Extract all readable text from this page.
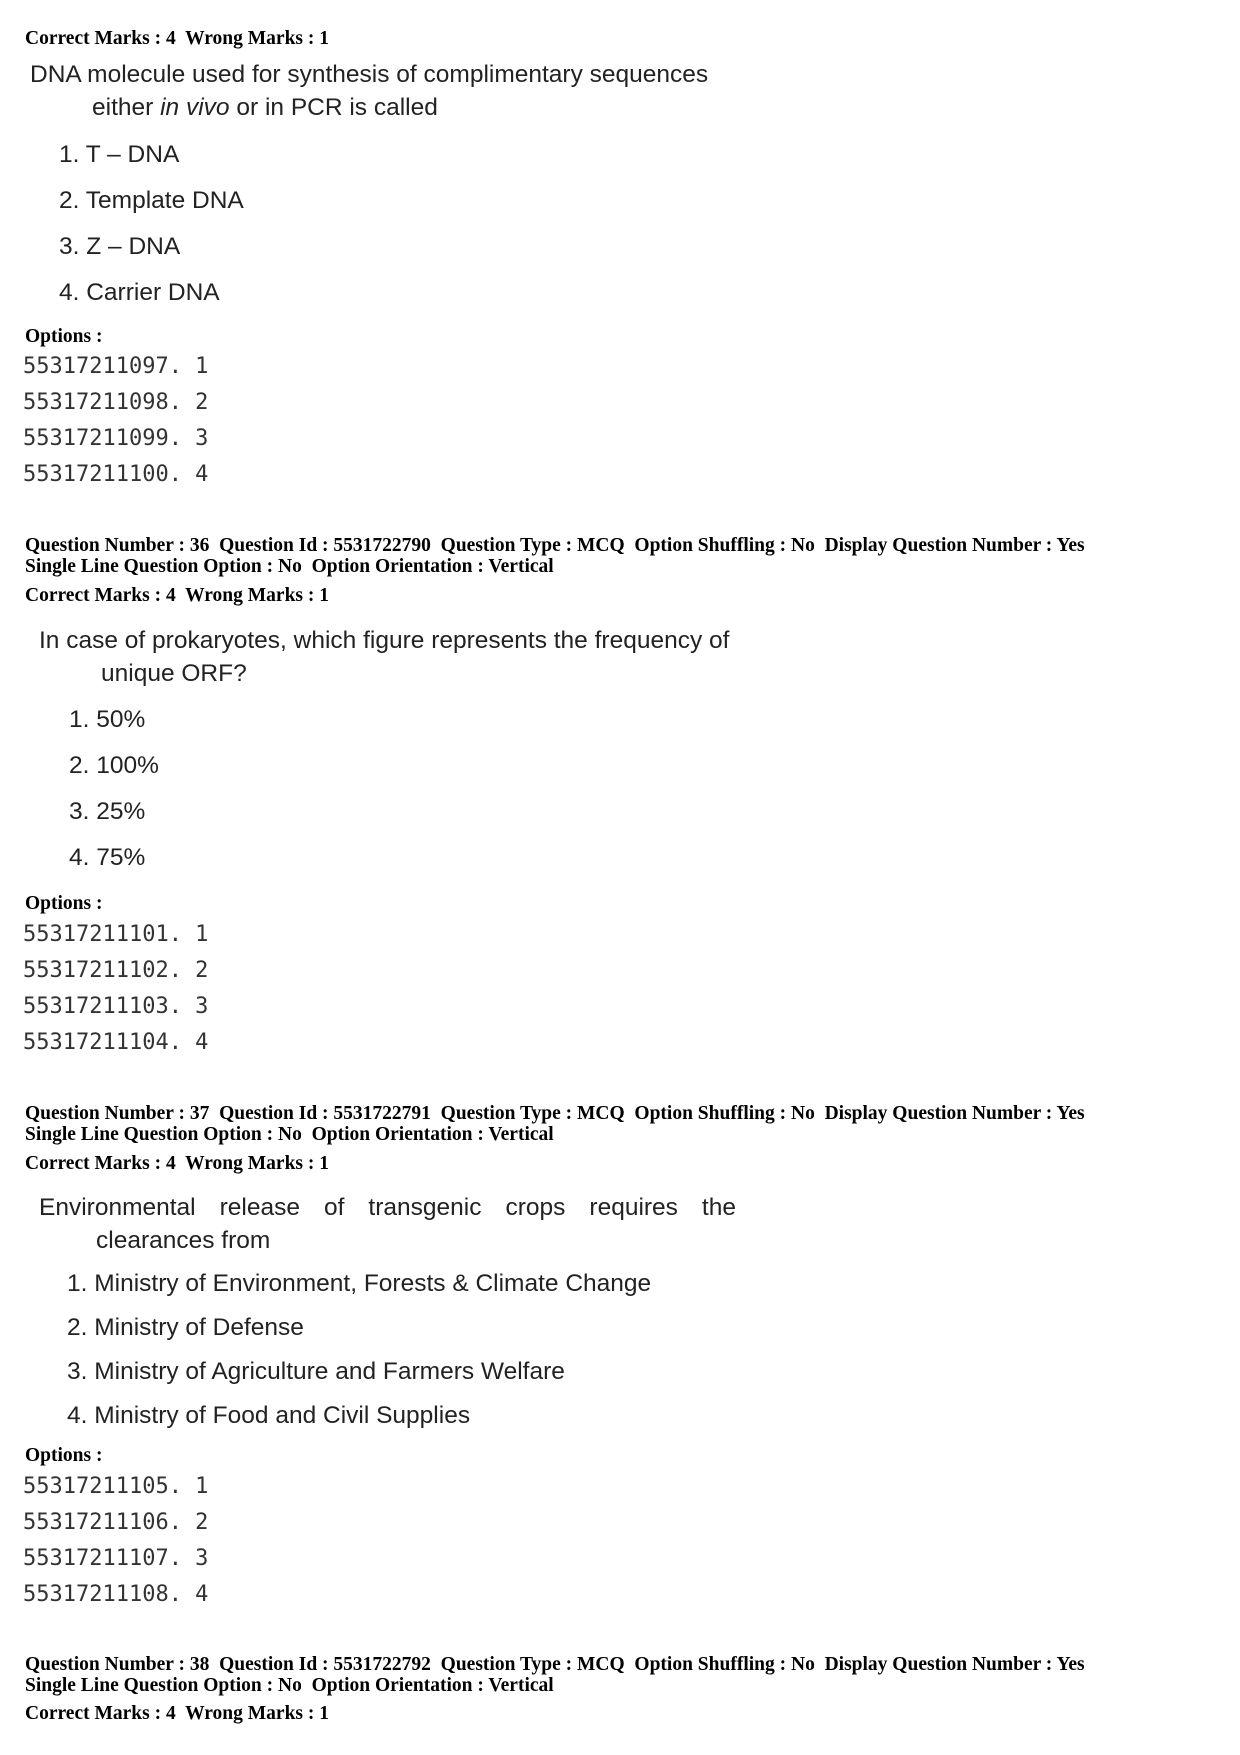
Correct Marks : 4  Wrong Marks : 1
DNA molecule used for synthesis of complimentary sequences
either in vivo or in PCR is called
1. T – DNA
2. Template DNA
3. Z – DNA
4. Carrier DNA
Options :
55317211097. 1
55317211098. 2
55317211099. 3
55317211100. 4
Question Number : 36  Question Id : 5531722790  Question Type : MCQ  Option Shuffling : No  Display Question Number : Yes
Single Line Question Option : No  Option Orientation : Vertical
Correct Marks : 4  Wrong Marks : 1
In case of prokaryotes, which figure represents the frequency of
unique ORF?
1. 50%
2. 100%
3. 25%
4. 75%
Options :
55317211101. 1
55317211102. 2
55317211103. 3
55317211104. 4
Question Number : 37  Question Id : 5531722791  Question Type : MCQ  Option Shuffling : No  Display Question Number : Yes
Single Line Question Option : No  Option Orientation : Vertical
Correct Marks : 4  Wrong Marks : 1
Environmental release of transgenic crops requires the
clearances from
1. Ministry of Environment, Forests & Climate Change
2. Ministry of Defense
3. Ministry of Agriculture and Farmers Welfare
4. Ministry of Food and Civil Supplies
Options :
55317211105. 1
55317211106. 2
55317211107. 3
55317211108. 4
Question Number : 38  Question Id : 5531722792  Question Type : MCQ  Option Shuffling : No  Display Question Number : Yes
Single Line Question Option : No  Option Orientation : Vertical
Correct Marks : 4  Wrong Marks : 1
